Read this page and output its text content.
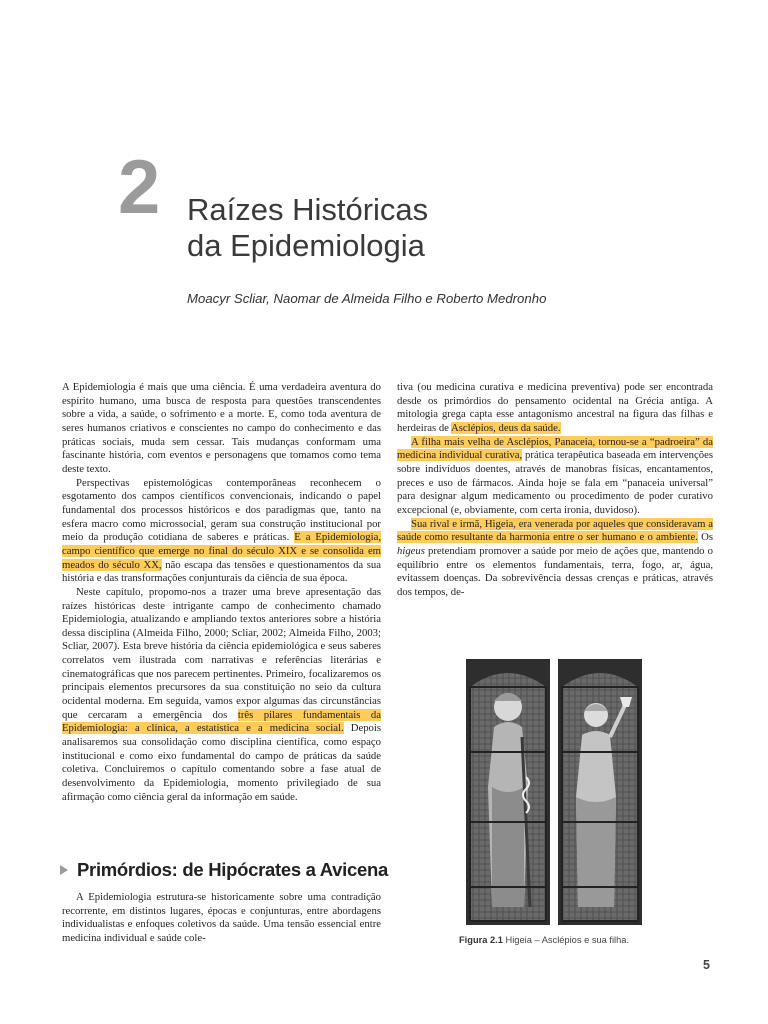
2 Raízes Históricas
da Epidemiologia
Moacyr Scliar, Naomar de Almeida Filho e Roberto Medronho

A Epidemiologia é mais que uma ciência. É uma verdadeira aventura do espírito humano, uma busca de resposta para questões transcendentes sobre a vida, a saúde, o sofrimento e a morte. E, como toda aventura de seres humanos criativos e conscientes no campo do conhecimento e das práticas sociais, muda sem cessar. Tais mudanças conformam uma fascinante história, com eventos e personagens que tomamos como tema deste texto.

Perspectivas epistemológicas contemporâneas reconhecem o esgotamento dos campos científicos convencionais, indicando o papel fundamental dos processos históricos e dos paradigmas que, tanto na esfera macro como microssocial, geram sua construção institucional por meio da produção cotidiana de saberes e práticas. E a Epidemiologia, campo científico que emerge no final do século XIX e se consolida em meados do século XX, não escapa das tensões e questionamentos da sua história e das transformações conjunturais da ciência de sua época.

Neste capítulo, propomo-nos a trazer uma breve apresentação das raízes históricas deste intrigante campo de conhecimento chamado Epidemiologia, atualizando e ampliando textos anteriores sobre a história dessa disciplina (Almeida Filho, 2000; Scliar, 2002; Almeida Filho, 2003; Scliar, 2007). Esta breve história da ciência epidemiológica e seus saberes correlatos vem ilustrada com narrativas e referências literárias e cinematográficas que nos parecem pertinentes. Primeiro, focalizaremos os principais elementos precursores da sua constituição no seio da cultura ocidental moderna. Em seguida, vamos expor algumas das circunstâncias que cercaram a emergência dos três pilares fundamentais da Epidemiologia: a clínica, a estatística e a medicina social. Depois analisaremos sua consolidação como disciplina científica, como espaço institucional e como eixo fundamental do campo de práticas da saúde coletiva. Concluiremos o capítulo comentando sobre a fase atual de desenvolvimento da Epidemiologia, momento privilegiado de sua afirmação como ciência geral da informação em saúde.

Primórdios: de Hipócrates a Avicena

A Epidemiologia estrutura-se historicamente sobre uma contradição recorrente, em distintos lugares, épocas e conjunturas, entre abordagens individualistas e enfoques coletivos da saúde. Uma tensão essencial entre medicina individual e saúde cole-

tiva (ou medicina curativa e medicina preventiva) pode ser encontrada desde os primórdios do pensamento ocidental na Grécia antiga. A mitologia grega capta esse antagonismo ancestral na figura das filhas e herdeiras de Asclépios, deus da saúde.

A filha mais velha de Asclépios, Panaceia, tornou-se a “padroeira” da medicina individual curativa, prática terapêutica baseada em intervenções sobre indivíduos doentes, através de manobras físicas, encantamentos, preces e uso de fármacos. Ainda hoje se fala em “panaceia universal” para designar algum medicamento ou procedimento de poder curativo excepcional (e, obviamente, com certa ironia, duvidoso).

Sua rival e irmã, Higeia, era venerada por aqueles que consideravam a saúde como resultante da harmonia entre o ser humano e o ambiente. Os higeus pretendiam promover a saúde por meio de ações que, mantendo o equilíbrio entre os elementos fundamentais, terra, fogo, ar, água, evitassem doenças. Da sobrevivência dessas crenças e práticas, através dos tempos, de-

Figura 2.1 Higeia – Asclépios e sua filha.
5
